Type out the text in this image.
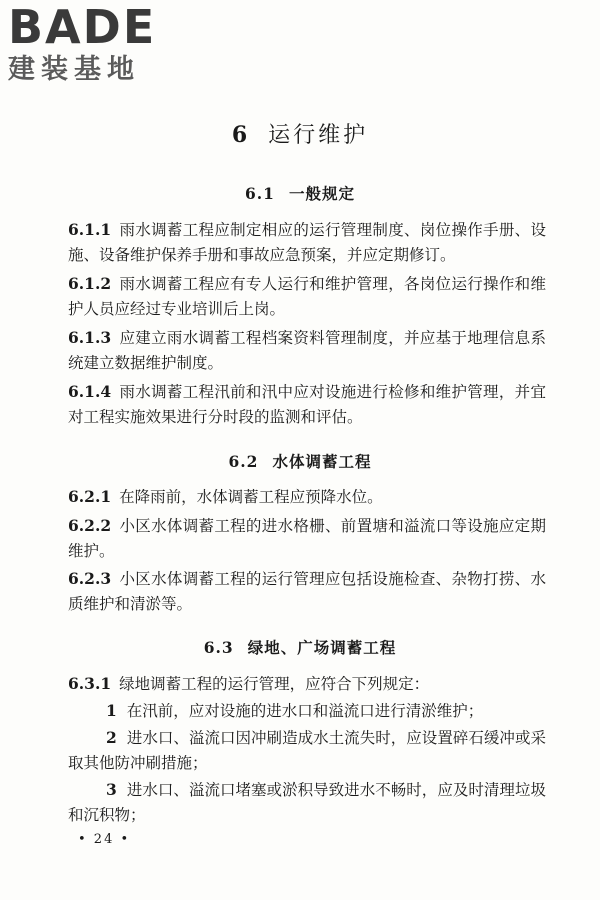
BADE
建装基地
6 运行维护
6.1 一般规定
6.1.1 雨水调蓄工程应制定相应的运行管理制度、岗位操作手册、设施、设备维护保养手册和事故应急预案，并应定期修订。
6.1.2 雨水调蓄工程应有专人运行和维护管理，各岗位运行操作和维护人员应经过专业培训后上岗。
6.1.3 应建立雨水调蓄工程档案资料管理制度，并应基于地理信息系统建立数据维护制度。
6.1.4 雨水调蓄工程汛前和汛中应对设施进行检修和维护管理，并宜对工程实施效果进行分时段的监测和评估。
6.2 水体调蓄工程
6.2.1 在降雨前，水体调蓄工程应预降水位。
6.2.2 小区水体调蓄工程的进水格栅、前置塘和溢流口等设施应定期维护。
6.2.3 小区水体调蓄工程的运行管理应包括设施检查、杂物打捞、水质维护和清淤等。
6.3 绿地、广场调蓄工程
6.3.1 绿地调蓄工程的运行管理，应符合下列规定：
1 在汛前，应对设施的进水口和溢流口进行清淤维护；
2 进水口、溢流口因冲刷造成水土流失时，应设置碎石缓冲或采取其他防冲刷措施；
3 进水口、溢流口堵塞或淤积导致进水不畅时，应及时清理垃圾和沉积物；
• 24 •
